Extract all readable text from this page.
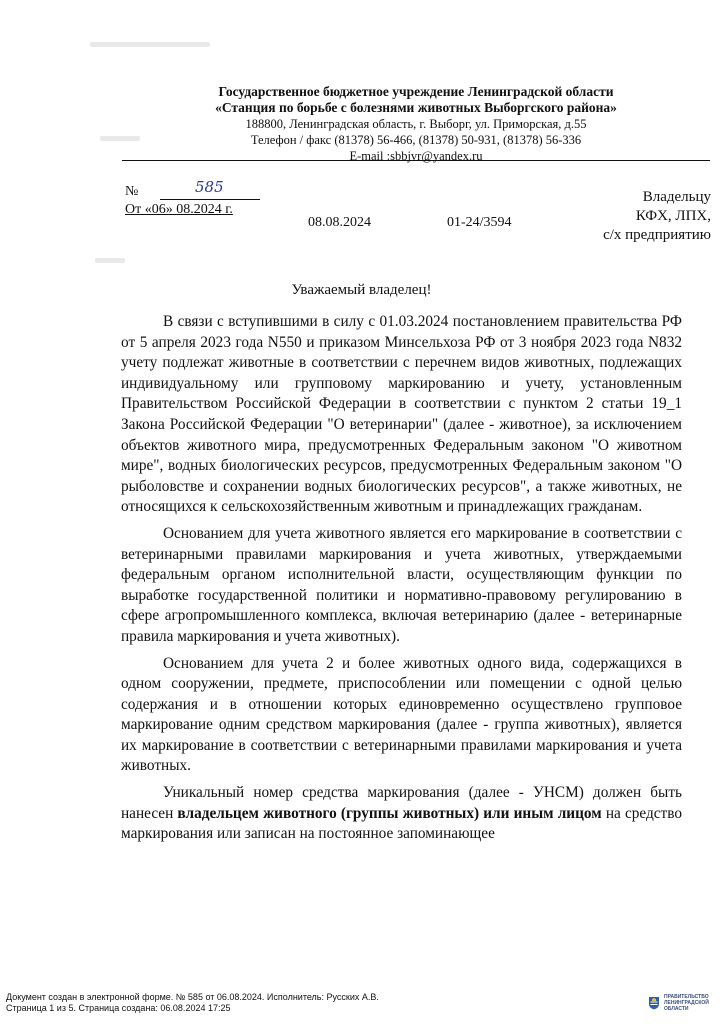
Государственное бюджетное учреждение Ленинградской области
«Станция по борьбе с болезнями животных Выборгского района»
188800, Ленинградская область, г. Выборг, ул. Приморская, д.55
Телефон / факс (81378) 56-466, (81378) 50-931, (81378) 56-336
E-mail :sbbjvr@yandex.ru
№	585
От «06» 08.2024 г.
08.08.2024	01-24/3594
Владельцу
КФХ, ЛПХ,
с/х предприятию
Уважаемый владелец!

В связи с вступившими в силу с 01.03.2024 постановлением правительства РФ от 5 апреля 2023 года N550 и приказом Минсельхоза РФ от 3 ноября 2023 года N832 учету подлежат животные в соответствии с перечнем видов животных, подлежащих индивидуальному или групповому маркированию и учету, установленным Правительством Российской Федерации в соответствии с пунктом 2 статьи 19_1 Закона Российской Федерации "О ветеринарии" (далее - животное), за исключением объектов животного мира, предусмотренных Федеральным законом "О животном мире", водных биологических ресурсов, предусмотренных Федеральным законом "О рыболовстве и сохранении водных биологических ресурсов", а также животных, не относящихся к сельскохозяйственным животным и принадлежащих гражданам.

Основанием для учета животного является его маркирование в соответствии с ветеринарными правилами маркирования и учета животных, утверждаемыми федеральным органом исполнительной власти, осуществляющим функции по выработке государственной политики и нормативно-правовому регулированию в сфере агропромышленного комплекса, включая ветеринарию (далее - ветеринарные правила маркирования и учета животных).

Основанием для учета 2 и более животных одного вида, содержащихся в одном сооружении, предмете, приспособлении или помещении с одной целью содержания и в отношении которых единовременно осуществлено групповое маркирование одним средством маркирования (далее - группа животных), является их маркирование в соответствии с ветеринарными правилами маркирования и учета животных.

Уникальный номер средства маркирования (далее - УНСМ) должен быть нанесен владельцем животного (группы животных) или иным лицом на средство маркирования или записан на постоянное запоминающее

Документ создан в электронной форме. № 585 от 06.08.2024. Исполнитель: Русских А.В.
Страница 1 из 5. Страница создана: 06.08.2024 17:25
ПРАВИТЕЛЬСТВО
ЛЕНИНГРАДСКОЙ
ОБЛАСТИ
